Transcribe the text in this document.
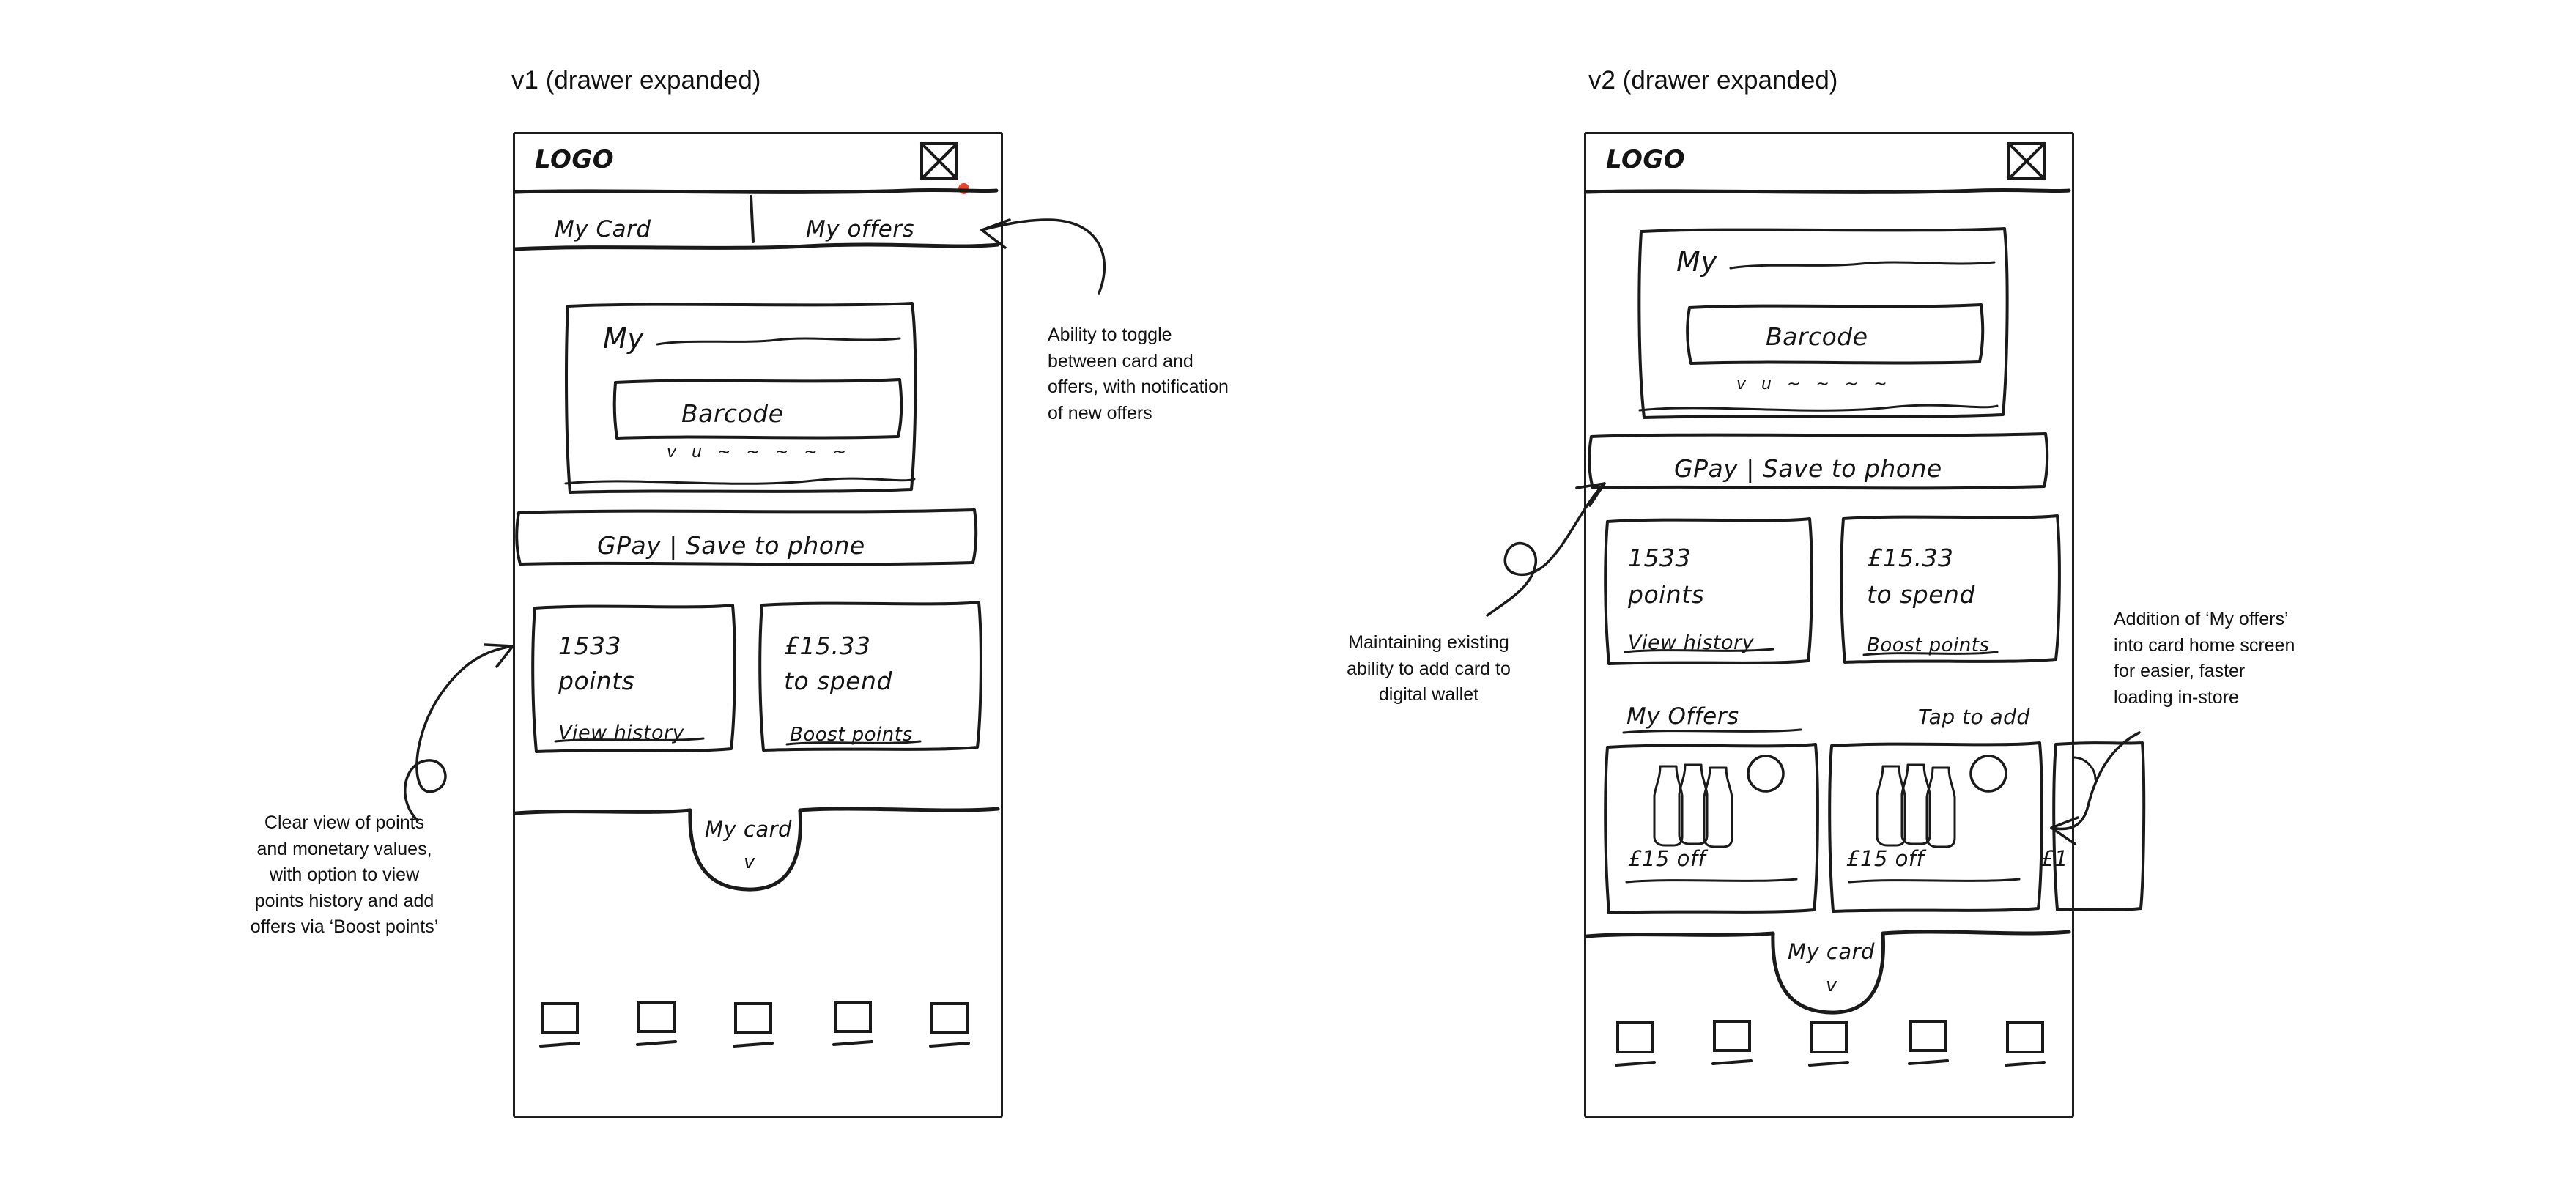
v1 (drawer expanded)	v2 (drawer expanded)
LOGO
My Card	My offers
My
Barcode
v u ~ ~ ~ ~ ~
GPay | Save to phone
1533
points
View history
£15.33
to spend
Boost points
My card
v
LOGO
My
Barcode
v u ~ ~ ~ ~
GPay | Save to phone
1533
points
View history
£15.33
to spend
Boost points
My Offers	Tap to add
£15 off	£15 off	£1
My card
v
Ability to toggle
between card and
offers, with notification
of new offers
Clear view of points
and monetary values,
with option to view
points history and add
offers via ‘Boost points’
Maintaining existing
ability to add card to
digital wallet
Addition of ‘My offers’
into card home screen
for easier, faster
loading in-store
